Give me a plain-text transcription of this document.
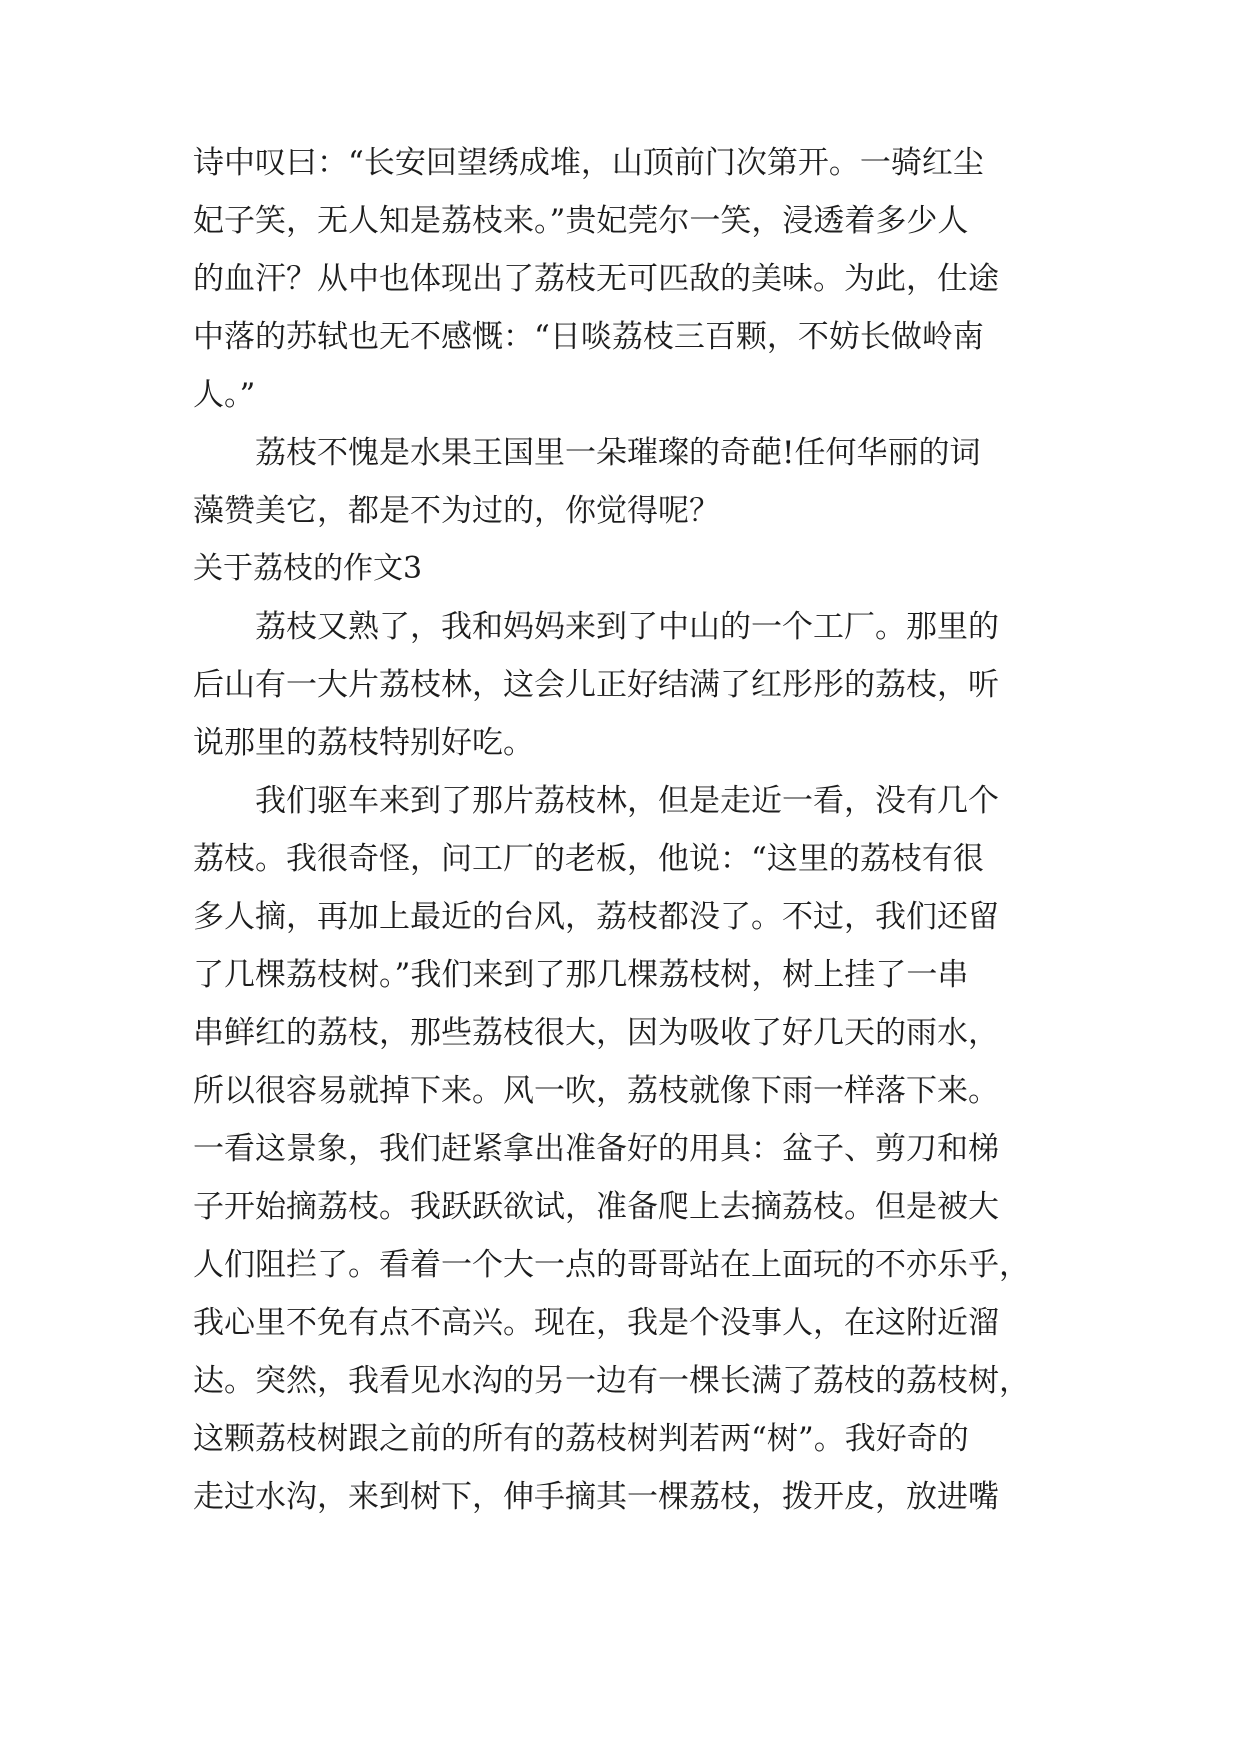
诗中叹曰：“长安回望绣成堆，山顶前门次第开。一骑红尘
妃子笑，无人知是荔枝来。”贵妃莞尔一笑，浸透着多少人
的血汗？从中也体现出了荔枝无可匹敌的美味。为此，仕途
中落的苏轼也无不感慨：“日啖荔枝三百颗，不妨长做岭南
人。”

　　荔枝不愧是水果王国里一朵璀璨的奇葩!任何华丽的词
藻赞美它，都是不为过的，你觉得呢？

关于荔枝的作文3

　　荔枝又熟了，我和妈妈来到了中山的一个工厂。那里的
后山有一大片荔枝林，这会儿正好结满了红彤彤的荔枝，听
说那里的荔枝特别好吃。

　　我们驱车来到了那片荔枝林，但是走近一看，没有几个
荔枝。我很奇怪，问工厂的老板，他说：“这里的荔枝有很
多人摘，再加上最近的台风，荔枝都没了。不过，我们还留
了几棵荔枝树。”我们来到了那几棵荔枝树，树上挂了一串
串鲜红的荔枝，那些荔枝很大，因为吸收了好几天的雨水，
所以很容易就掉下来。风一吹，荔枝就像下雨一样落下来。
一看这景象，我们赶紧拿出准备好的用具：盆子、剪刀和梯
子开始摘荔枝。我跃跃欲试，准备爬上去摘荔枝。但是被大
人们阻拦了。看着一个大一点的哥哥站在上面玩的不亦乐乎，
我心里不免有点不高兴。现在，我是个没事人，在这附近溜
达。突然，我看见水沟的另一边有一棵长满了荔枝的荔枝树，
这颗荔枝树跟之前的所有的荔枝树判若两“树”。我好奇的
走过水沟，来到树下，伸手摘其一棵荔枝，拨开皮，放进嘴
